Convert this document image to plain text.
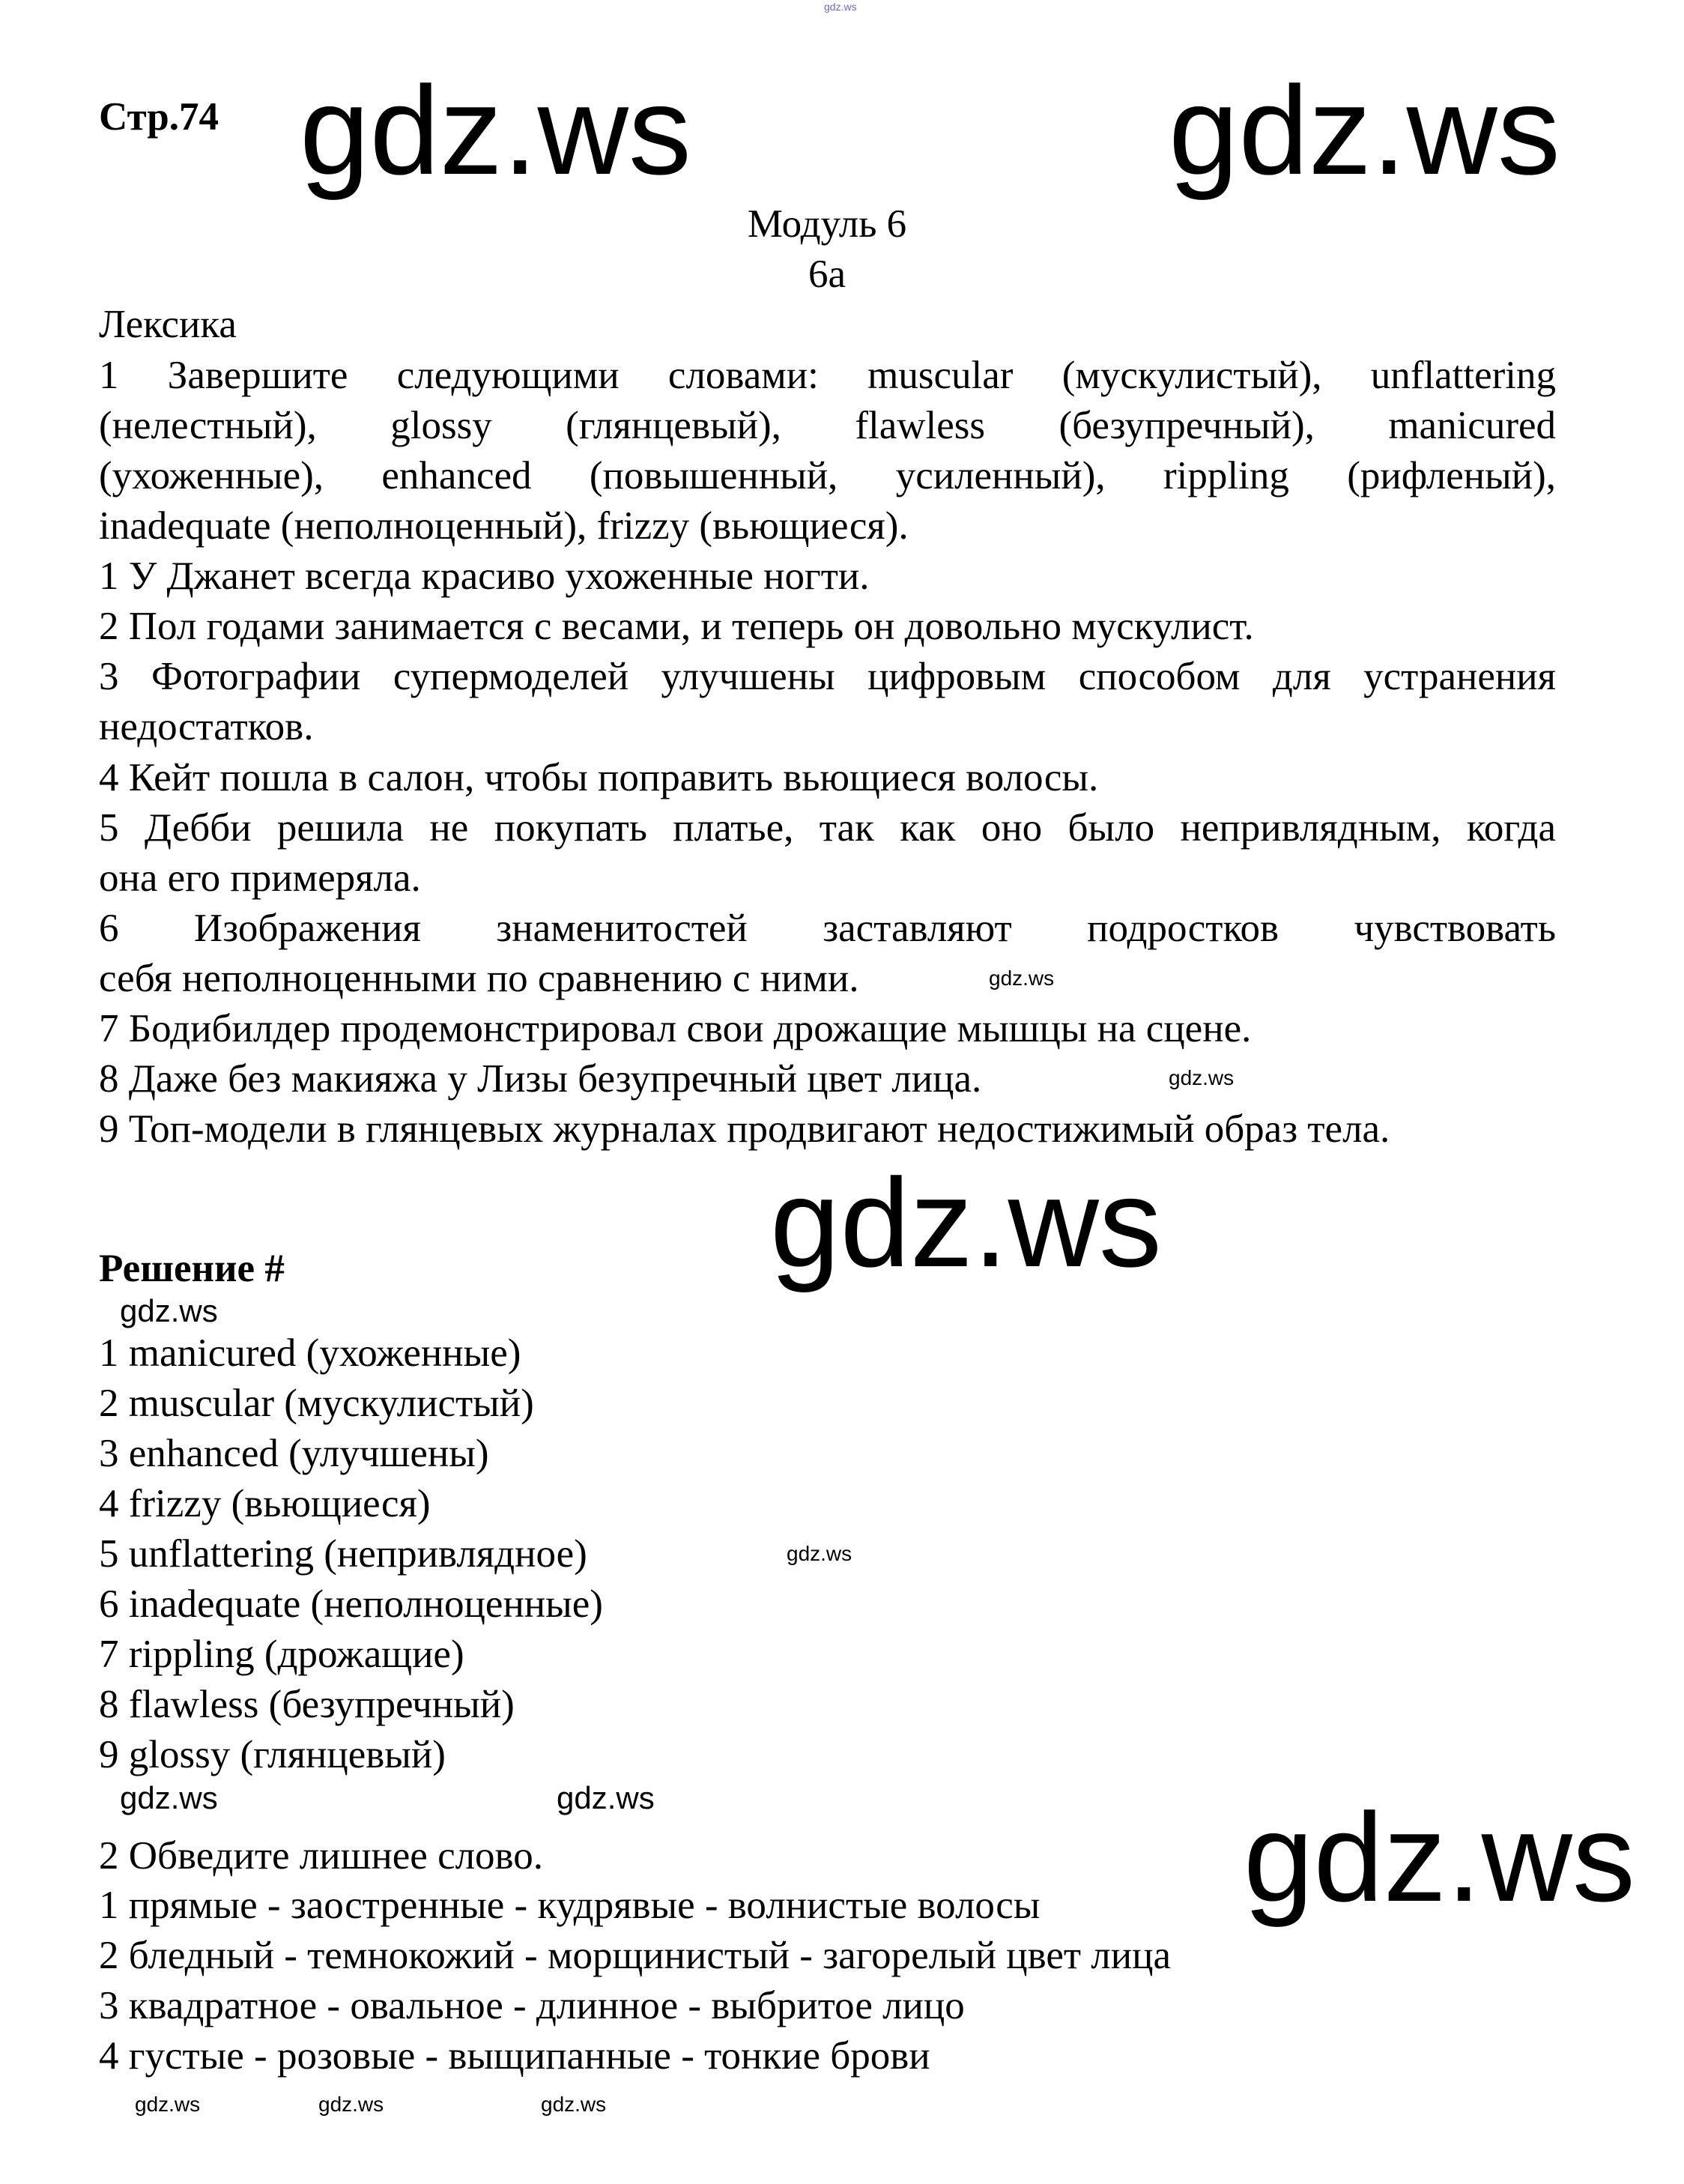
gdz.ws
Стр.74
Модуль 6
6a
Лексика
1 Завершите следующими словами: muscular (мускулистый), unflattering
(нелестный), glossy (глянцевый), flawless (безупречный), manicured
(ухоженные), enhanced (повышенный, усиленный), rippling (рифленый),
inadequate (неполноценный), frizzy (вьющиеся).
1 У Джанет всегда красиво ухоженные ногти.
2 Пол годами занимается с весами, и теперь он довольно мускулист.
3 Фотографии супермоделей улучшены цифровым способом для устранения
недостатков.
4 Кейт пошла в салон, чтобы поправить вьющиеся волосы.
5 Дебби решила не покупать платье, так как оно было непривлядным, когда
она его примеряла.
6 Изображения знаменитостей заставляют подростков чувствовать
себя неполноценными по сравнению с ними.
7 Бодибилдер продемонстрировал свои дрожащие мышцы на сцене.
8 Даже без макияжа у Лизы безупречный цвет лица.
9 Топ-модели в глянцевых журналах продвигают недостижимый образ тела.
Решение #
1 manicured (ухоженные)
2 muscular (мускулистый)
3 enhanced (улучшены)
4 frizzy (вьющиеся)
5 unflattering (непривлядное)
6 inadequate (неполноценные)
7 rippling (дрожащие)
8 flawless (безупречный)
9 glossy (глянцевый)
2 Обведите лишнее слово.
1 прямые - заостренные - кудрявые - волнистые волосы
2 бледный - темнокожий - морщинистый - загорелый цвет лица
3 квадратное - овальное - длинное - выбритое лицо
4 густые - розовые - выщипанные - тонкие брови
gdz.ws	gdz.ws
gdz.ws
gdz.ws
gdz.ws
gdz.ws	gdz.ws
gdz.ws
gdz.ws
gdz.ws
gdz.ws	gdz.ws	gdz.ws
